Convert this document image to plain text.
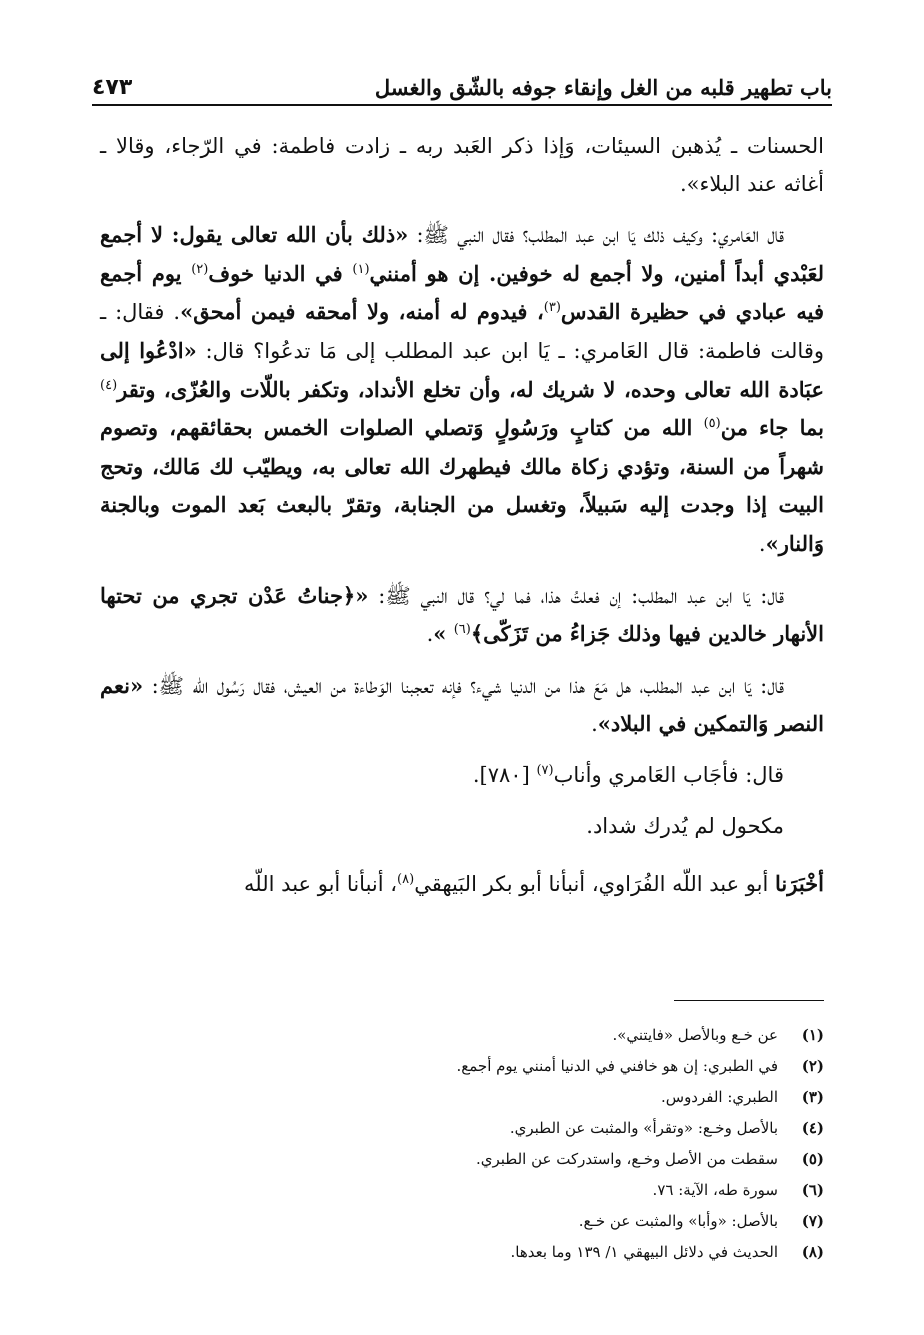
باب تطهير قلبه من الغل وإنقاء جوفه بالشّق والغسل
٤٧٣

الحسنات ـ يُذهبن السيئات، وَإذا ذكر العَبد ربه ـ زادت فاطمة: في الرّجاء، وقالا ـ أغاثه عند البلاء».

قال العَامري: وكيف ذلك يَا ابن عبد المطلب؟ فقال النبي ﷺ: «ذلك بأن الله تعالى يقول: لا أجمع لعَبْدي أبداً أمنين، ولا أجمع له خوفين. إن هو أمنني$^{(١)}$ في الدنيا خوف$^{(٢)}$ يوم أجمع فيه عبادي في حظيرة القدس$^{(٣)}$، فيدوم له أمنه، ولا أمحقه فيمن أمحق». فقال: ـ وقالت فاطمة: قال العَامري: ـ يَا ابن عبد المطلب إلى مَا تدعُوا؟ قال: «ادْعُوا إلى عبَادة الله تعالى وحده، لا شريك له، وأن تخلع الأنداد، وتكفر باللّات والعُزّى، وتقر$^{(٤)}$ بما جاء من$^{(٥)}$ الله من كتابٍ ورَسُولٍ وَتصلي الصلوات الخمس بحقائقهم، وتصوم شهراً من السنة، وتؤدي زكاة مالك فيطهرك الله تعالى به، ويطيّب لك مَالك، وتحج البيت إذا وجدت إليه سَبيلاً، وتغسل من الجنابة، وتقرّ بالبعث بَعد الموت وبالجنة وَالنار».

قال: يَا ابن عبد المطلب: إن فعلتُ هذا، فما لي؟ قال النبي ﷺ: «﴿جناتُ عَدْن تجري من تحتها الأنهار خالدين فيها وذلك جَزاءُ من تَزَكّى﴾$^{(٦)}$ ».

قال: يَا ابن عبد المطلب، هل مَعَ هذا من الدنيا شيء؟ فإنه تعجبنا الوَطاءة من العيش، فقال رَسُول الله ﷺ: «نعم النصر وَالتمكين في البلاد».

قال: فأجَاب العَامري وأناب$^{(٧)}$ [٧٨٠].

مكحول لم يُدرك شداد.

أخْبَرَنا أبو عبد اللّه الفُرَاوي، أنبأنا أبو بكر البَيهقي$^{(٨)}$، أنبأنا أبو عبد اللّه

(١)
عن خـع وبالأصل «فايتني».
(٢)
في الطبري: إن هو خافني في الدنيا أمنني يوم أجمع.
(٣)
الطبري: الفردوس.
(٤)
بالأصل وخـع: «وتقرأ» والمثبت عن الطبري.
(٥)
سقطت من الأصل وخـع، واستدركت عن الطبري.
(٦)
سورة طه، الآية: ٧٦.
(٧)
بالأصل: «وأبا» والمثبت عن خـع.
(٨)
الحديث في دلائل البيهقي ١/ ١٣٩ وما بعدها.
